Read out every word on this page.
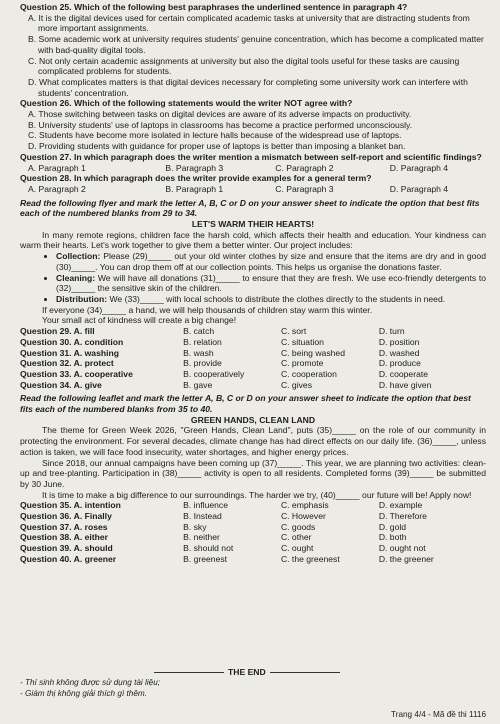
Question 25. Which of the following best paraphrases the underlined sentence in paragraph 4?

A. It is the digital devices used for certain complicated academic tasks at university that are distracting students from more important assignments.

B. Some academic work at university requires students' genuine concentration, which has become a complicated matter with bad-quality digital tools.

C. Not only certain academic assignments at university but also the digital tools useful for these tasks are causing complicated problems for students.

D. What complicates matters is that digital devices necessary for completing some university work can interfere with students' concentration.

Question 26. Which of the following statements would the writer NOT agree with?

A. Those switching between tasks on digital devices are aware of its adverse impacts on productivity.

B. University students' use of laptops in classrooms has become a practice performed unconsciously.

C. Students have become more isolated in lecture halls because of the widespread use of laptops.

D. Providing students with guidance for proper use of laptops is better than imposing a blanket ban.

Question 27. In which paragraph does the writer mention a mismatch between self-report and scientific findings?

A. Paragraph 1	B. Paragraph 3	C. Paragraph 2	D. Paragraph 4

Question 28. In which paragraph does the writer provide examples for a general term?

A. Paragraph 2	B. Paragraph 1	C. Paragraph 3	D. Paragraph 4

Read the following flyer and mark the letter A, B, C or D on your answer sheet to indicate the option that best fits each of the numbered blanks from 29 to 34.

LET'S WARM THEIR HEARTS!

In many remote regions, children face the harsh cold, which affects their health and education. Your kindness can warm their hearts. Let's work together to give them a better winter. Our project includes:

• Collection: Please (29)_____ out your old winter clothes by size and ensure that the items are dry and in good (30)_____. You can drop them off at our collection points. This helps us organise the donations faster.
• Cleaning: We will have all donations (31)_____ to ensure that they are fresh. We use eco-friendly detergents to (32)_____ the sensitive skin of the children.
• Distribution: We (33)_____ with local schools to distribute the clothes directly to the students in need.

If everyone (34)_____ a hand, we will help thousands of children stay warm this winter.

Your small act of kindness will create a big change!

Question 29. A. fill	B. catch	C. sort	D. turn
Question 30. A. condition	B. relation	C. situation	D. position
Question 31. A. washing	B. wash	C. being washed	D. washed
Question 32. A. protect	B. provide	C. promote	D. produce
Question 33. A. cooperative	B. cooperatively	C. cooperation	D. cooperate
Question 34. A. give	B. gave	C. gives	D. have given

Read the following leaflet and mark the letter A, B, C or D on your answer sheet to indicate the option that best fits each of the numbered blanks from 35 to 40.

GREEN HANDS, CLEAN LAND

The theme for Green Week 2026, "Green Hands, Clean Land", puts (35)_____ on the role of our community in protecting the environment. For several decades, climate change has had direct effects on our daily life. (36)_____, unless action is taken, we will face food insecurity, water shortages, and higher energy prices.

Since 2018, our annual campaigns have been coming up (37)_____. This year, we are planning two activities: clean-up and tree-planting. Participation in (38)_____ activity is open to all residents. Completed forms (39)_____ be submitted by 30 June.

It is time to make a big difference to our surroundings. The harder we try, (40)_____ our future will be! Apply now!

Question 35. A. intention	B. influence	C. emphasis	D. example
Question 36. A. Finally	B. Instead	C. However	D. Therefore
Question 37. A. roses	B. sky	C. goods	D. gold
Question 38. A. either	B. neither	C. other	D. both
Question 39. A. should	B. should not	C. ought	D. ought not
Question 40. A. greener	B. greenest	C. the greenest	D. the greener
THE END
- Thí sinh không được sử dụng tài liệu;
- Giám thị không giải thích gì thêm.
Trang 4/4 - Mã đề thi 1116
